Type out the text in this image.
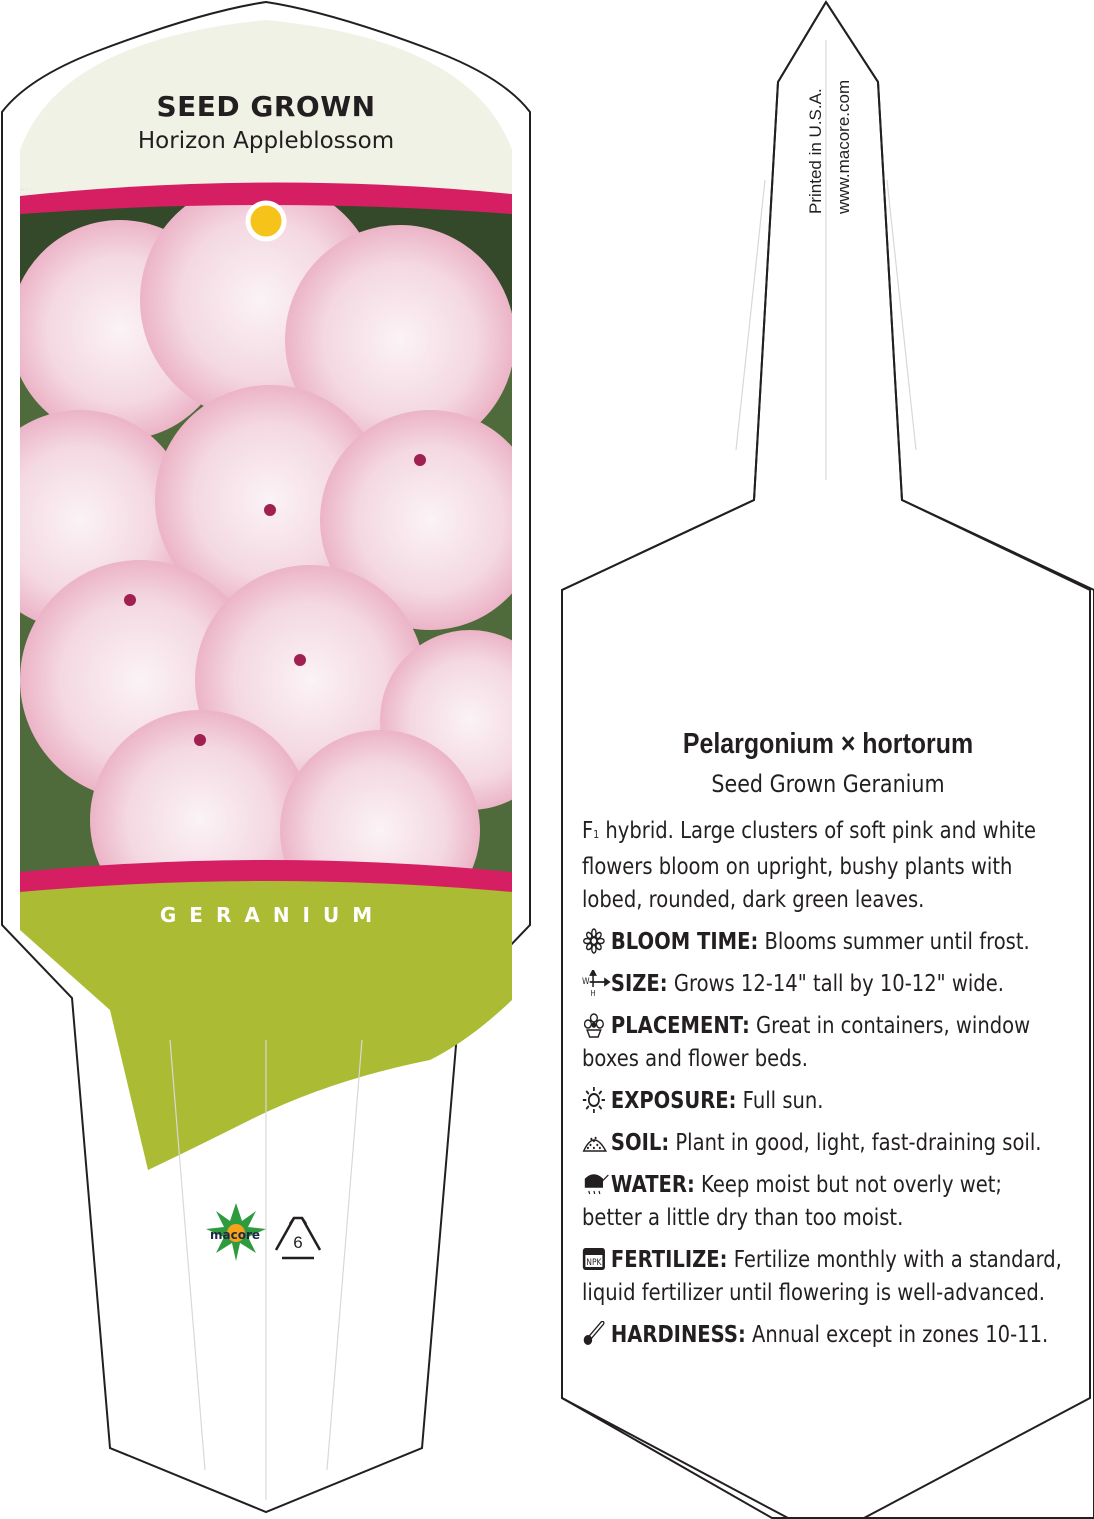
SEED GROWN
Horizon Appleblossom
GERANIUM
macore	6
Printed in U.S.A. www.macore.com
Pelargonium × hortorum
Seed Grown Geranium

F1 hybrid. Large clusters of soft pink and white flowers bloom on upright, bushy plants with lobed, rounded, dark green leaves.

BLOOM TIME: Blooms summer until frost.

W
H SIZE: Grows 12-14" tall by 10-12" wide.

PLACEMENT: Great in containers, window boxes and flower beds.

EXPOSURE: Full sun.

SOIL: Plant in good, light, fast-draining soil.

WATER: Keep moist but not overly wet; better a little dry than too moist.

NPK FERTILIZE: Fertilize monthly with a standard, liquid fertilizer until flowering is well-advanced.

HARDINESS: Annual except in zones 10-11.
